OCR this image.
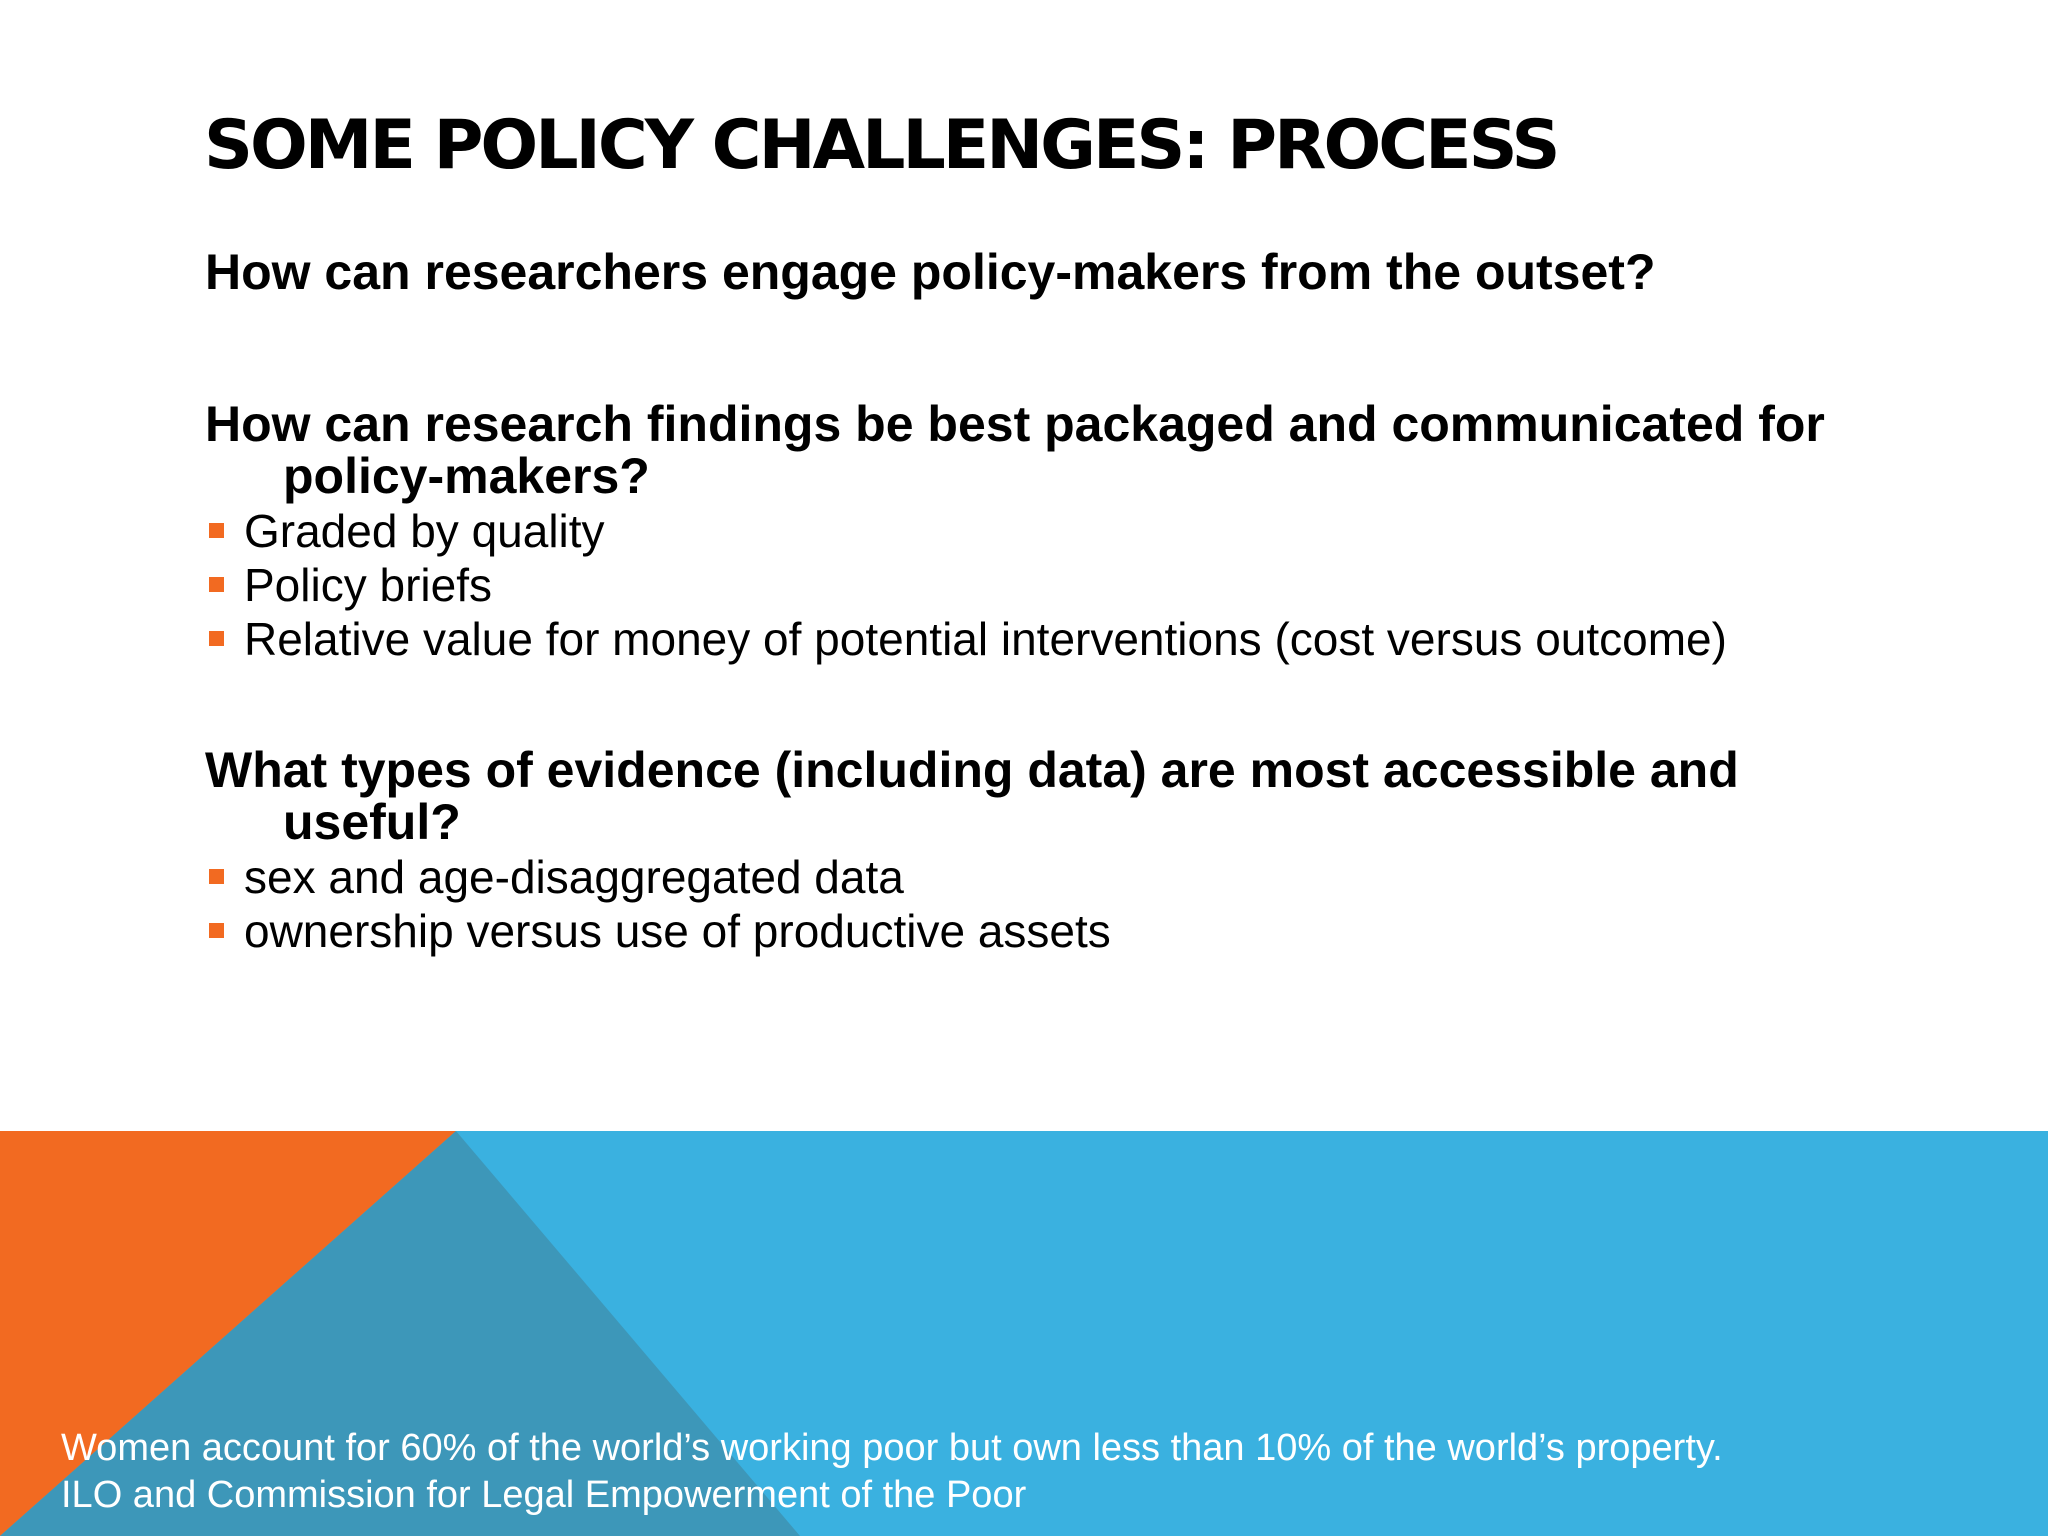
SOME POLICY CHALLENGES: PROCESS

How can researchers engage policy-makers from the outset?

How can research findings be best packaged and communicated for policy-makers?

Graded by quality
Policy briefs
Relative value for money of potential interventions (cost versus outcome)

What types of evidence (including data) are most accessible and useful?

sex and age-disaggregated data
ownership versus use of productive assets
Women account for 60% of the world’s working poor but own less than 10% of the world’s property.
ILO and Commission for Legal Empowerment of the Poor
